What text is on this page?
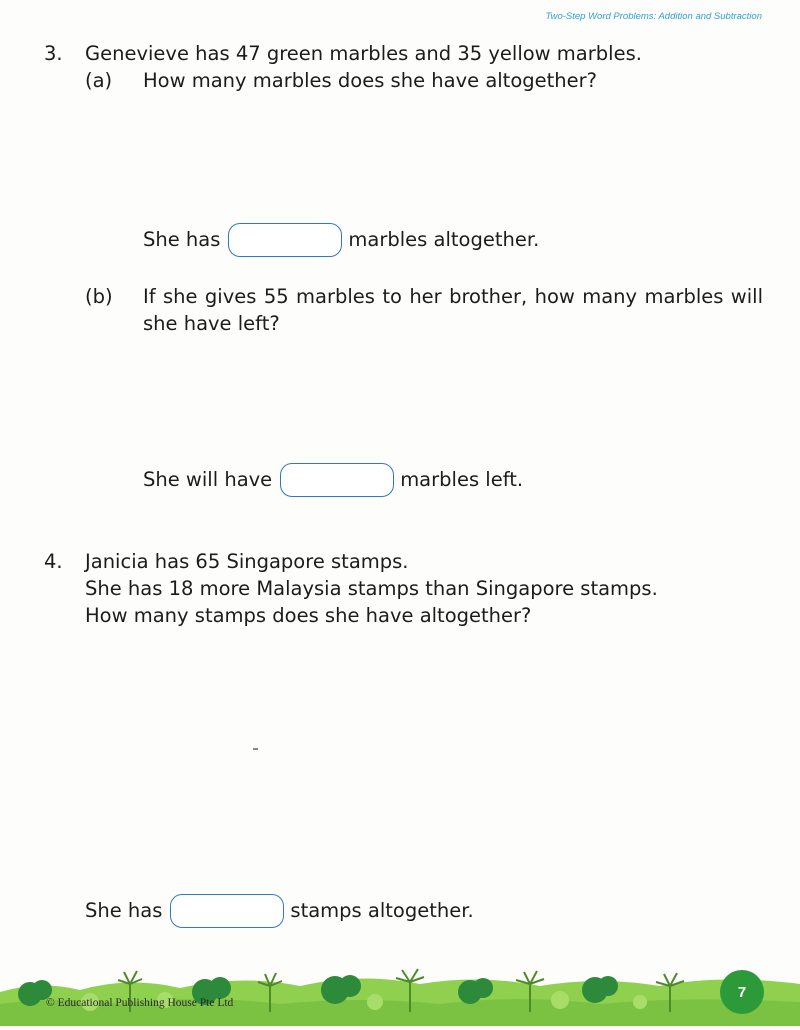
Two-Step Word Problems: Addition and Subtraction
3. Genevieve has 47 green marbles and 35 yellow marbles.

(a) How many marbles does she have altogether?

She has	marbles altogether.
(b) If she gives 55 marbles to her brother, how many marbles will she have left?

She will have	marbles left.
4. Janicia has 65 Singapore stamps.

She has 18 more Malaysia stamps than Singapore stamps.

How many stamps does she have altogether?

She has	stamps altogether.
© Educational Publishing House Pte Ltd
7
